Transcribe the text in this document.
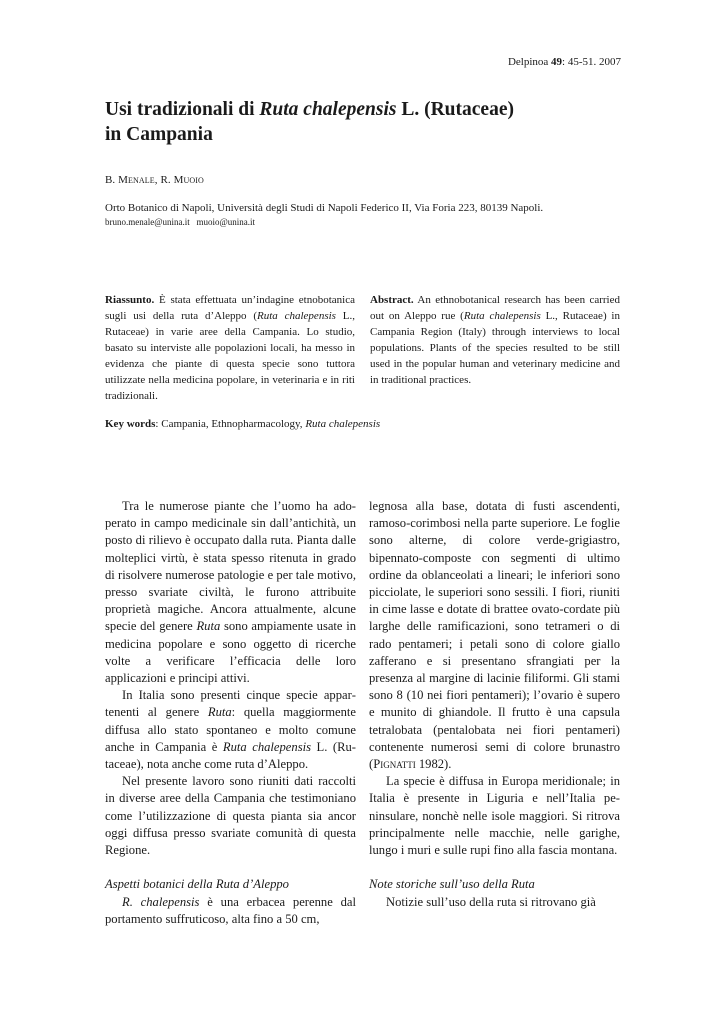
Delpinoa 49: 45-51. 2007
Usi tradizionali di Ruta chalepensis L. (Rutaceae)
in Campania
B. Menale, R. Muoio
Orto Botanico di Napoli, Università degli Studi di Napoli Federico II, Via Foria 223, 80139 Napoli.
bruno.menale@unina.it   muoio@unina.it

Riassunto. È stata effettuata un’indagine etnobotanica sugli usi della ruta d’Aleppo (Ruta chalepensis L., Rutaceae) in varie aree della Campania. Lo studio, basato su interviste alle popolazioni locali, ha messo in evidenza che piante di questa specie sono tuttora utilizzate nella medicina popolare, in veterinaria e in riti tradizionali.

Abstract. An ethnobotanical research has been carried out on Aleppo rue (Ruta chalepensis L., Rutaceae) in Campania Region (Italy) through interviews to local populations. Plants of the species resulted to be still used in the popular human and veterinary medicine and in traditional practices.

Key words: Campania, Ethnopharmacology, Ruta chalepensis

Tra le numerose piante che l’uomo ha adoperato in campo medicinale sin dall’antichità, un posto di rilievo è occupato dalla ruta. Pianta dalle molteplici virtù, è stata spesso ritenuta in grado di risolvere numerose patologie e per tale motivo, presso svariate civiltà, le furono attribuite proprietà magiche. Ancora attualmente, alcune specie del genere Ruta sono ampiamente usate in medicina popolare e sono oggetto di ricerche volte a verificare l’efficacia delle loro applicazioni e principi attivi.

In Italia sono presenti cinque specie appartenenti al genere Ruta: quella maggiormente diffusa allo stato spontaneo e molto comune anche in Campania è Ruta chalepensis L. (Rutaceae), nota anche come ruta d’Aleppo.

Nel presente lavoro sono riuniti dati raccolti in diverse aree della Campania che testimoniano come l’utilizzazione di questa pianta sia ancor oggi diffusa presso svariate comunità di questa Regione.

Aspetti botanici della Ruta d’Aleppo

R. chalepensis è una erbacea perenne dal portamento suffruticoso, alta fino a 50 cm,

legnosa alla base, dotata di fusti ascendenti, ramoso-corimbosi nella parte superiore. Le foglie sono alterne, di colore verde-grigiastro, bipennato-composte con segmenti di ultimo ordine da oblanceolati a lineari; le inferiori sono picciolate, le superiori sono sessili. I fiori, riuniti in cime lasse e dotate di brattee ovato-cordate più larghe delle ramificazioni, sono tetrameri o di rado pentameri; i petali sono di colore giallo zafferano e si presentano sfrangiati per la presenza al margine di lacinie filiformi. Gli stami sono 8 (10 nei fiori pentameri); l’ovario è supero e munito di ghiandole. Il frutto è una capsula tetralobata (pentalobata nei fiori pentameri) contenente numerosi semi di colore brunastro (Pignatti 1982).

La specie è diffusa in Europa meridionale; in Italia è presente in Liguria e nell’Italia peninsulare, nonchè nelle isole maggiori. Si ritrova principalmente nelle macchie, nelle garighe, lungo i muri e sulle rupi fino alla fascia montana.

Note storiche sull’uso della Ruta

Notizie sull’uso della ruta si ritrovano già
